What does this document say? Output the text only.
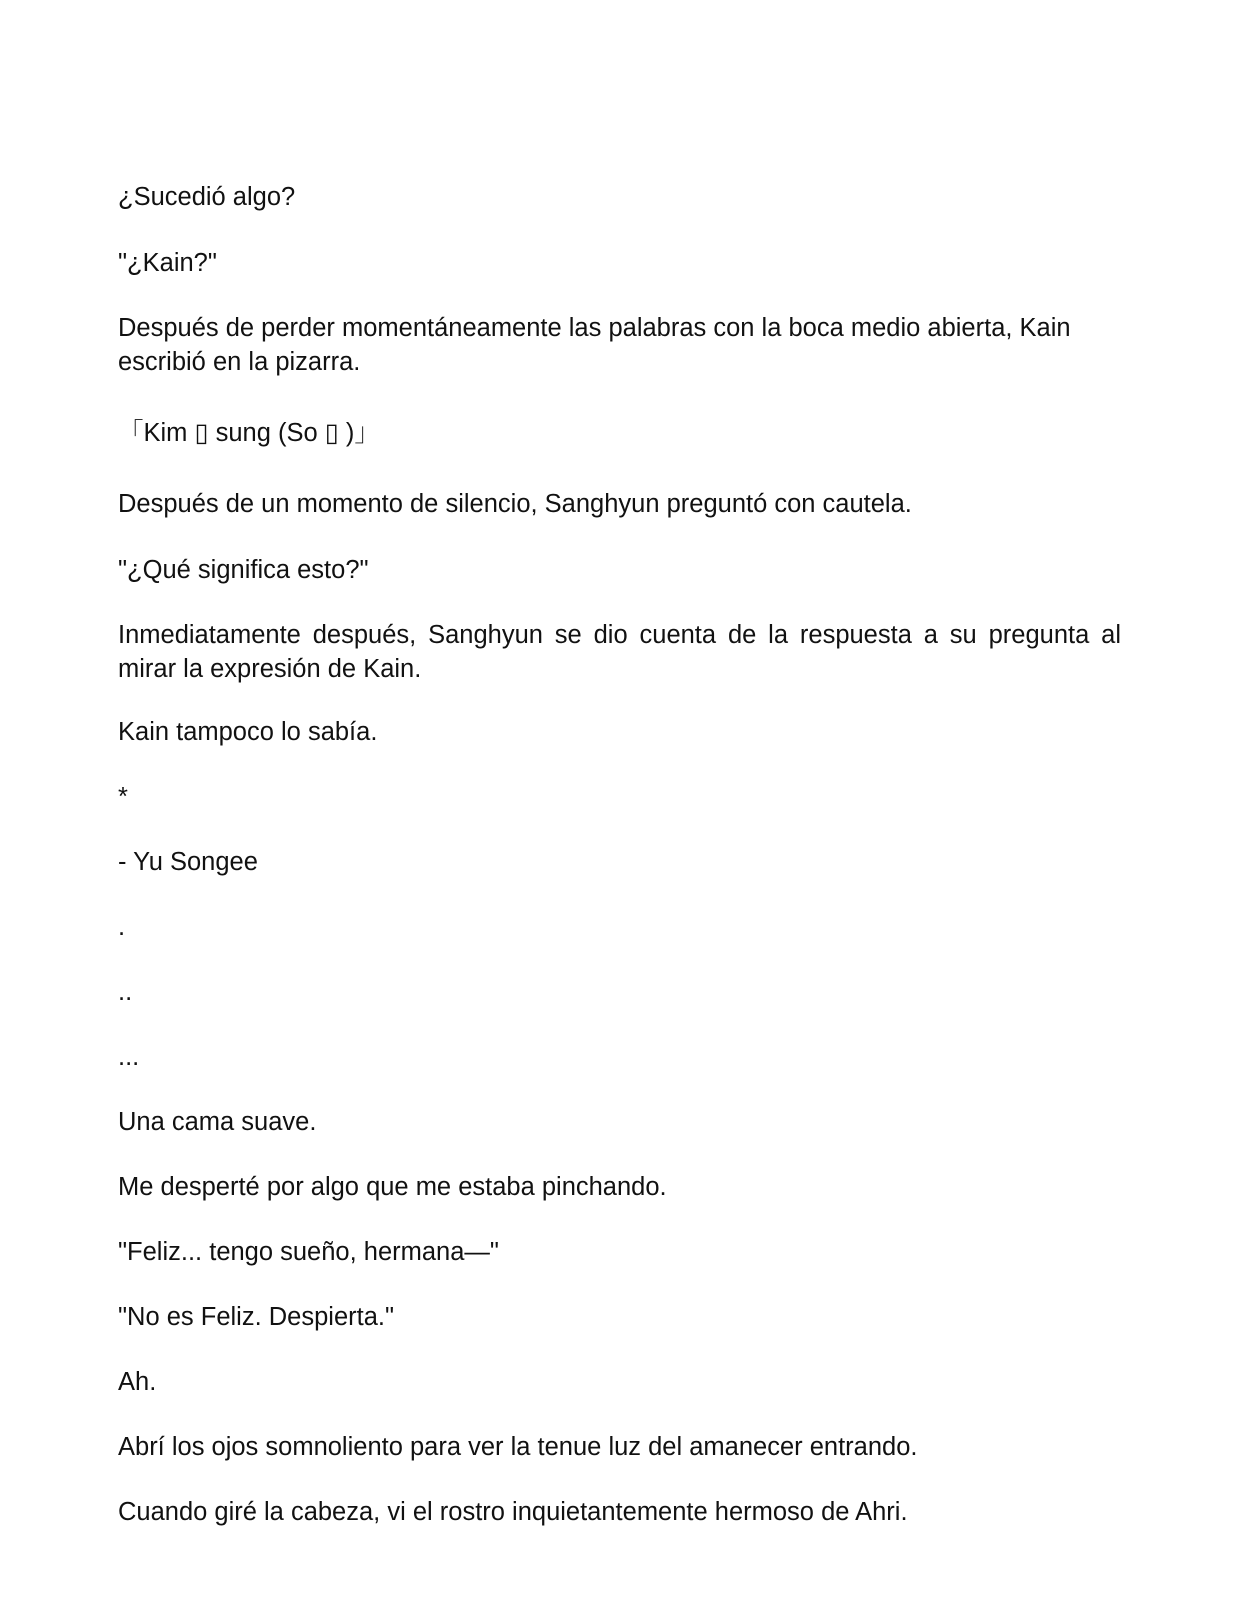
¿Sucedió algo?

"¿Kain?"

Después de perder momentáneamente las palabras con la boca medio abierta, Kain escribió en la pizarra.

「Kim ▯ sung (So ▯ )」

Después de un momento de silencio, Sanghyun preguntó con cautela.

"¿Qué significa esto?"

Inmediatamente después, Sanghyun se dio cuenta de la respuesta a su pregunta al mirar la expresión de Kain.

Kain tampoco lo sabía.

*

- Yu Songee

.

..

...

Una cama suave.

Me desperté por algo que me estaba pinchando.

"Feliz... tengo sueño, hermana—"

"No es Feliz. Despierta."

Ah.

Abrí los ojos somnoliento para ver la tenue luz del amanecer entrando.

Cuando giré la cabeza, vi el rostro inquietantemente hermoso de Ahri.
